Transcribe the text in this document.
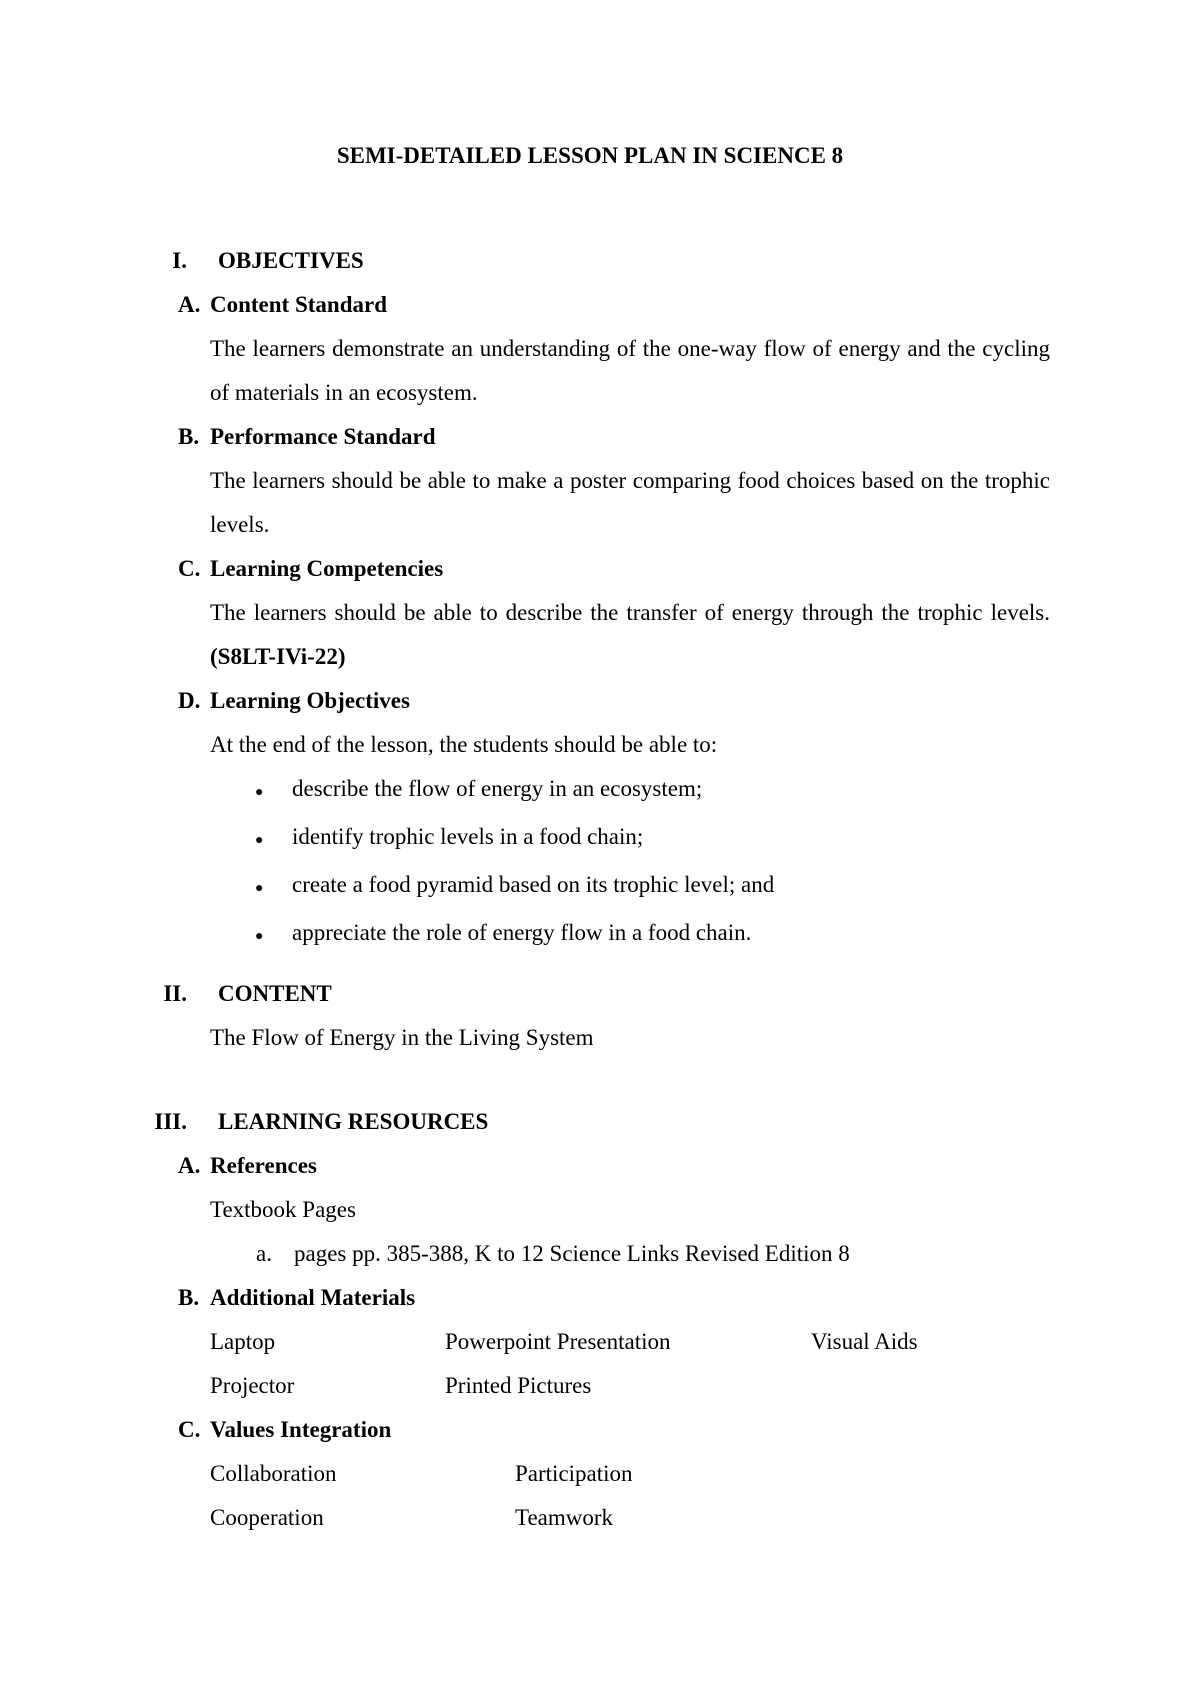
SEMI-DETAILED LESSON PLAN IN SCIENCE 8
I. OBJECTIVES
A. Content Standard
The learners demonstrate an understanding of the one-way flow of energy and the cycling of materials in an ecosystem.
B. Performance Standard
The learners should be able to make a poster comparing food choices based on the trophic levels.
C. Learning Competencies
The learners should be able to describe the transfer of energy through the trophic levels. (S8LT-IVi-22)
D. Learning Objectives
At the end of the lesson, the students should be able to:
●	describe the flow of energy in an ecosystem;
●	identify trophic levels in a food chain;
●	create a food pyramid based on its trophic level; and
●	appreciate the role of energy flow in a food chain.
II. CONTENT
The Flow of Energy in the Living System
III. LEARNING RESOURCES
A. References
Textbook Pages
a. pages pp. 385-388, K to 12 Science Links Revised Edition 8
B. Additional Materials
Laptop	Powerpoint Presentation	Visual Aids
Projector	Printed Pictures
C. Values Integration
Collaboration	Participation
Cooperation	Teamwork
